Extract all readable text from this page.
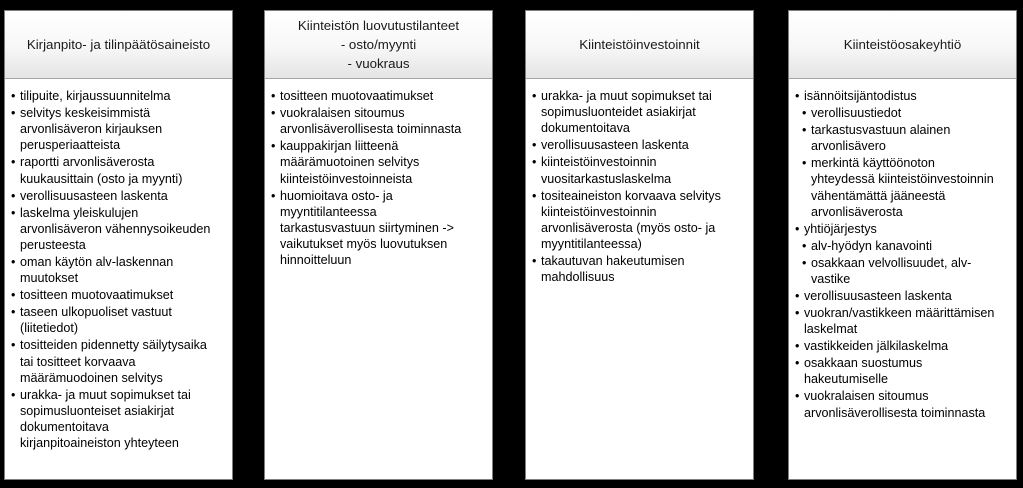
Kirjanpito- ja tilinpäätösaineisto
• tilipuite, kirjaussuunnitelma
• selvitys keskeisimmistä
arvonlisäveron kirjauksen
perusperiaatteista
• raportti arvonlisäverosta
kuukausittain (osto ja myynti)
• verollisuusasteen laskenta
• laskelma yleiskulujen
arvonlisäveron vähennysoikeuden
perusteesta
• oman käytön alv-laskennan
muutokset
• tositteen muotovaatimukset
• taseen ulkopuoliset vastuut
(liitetiedot)
• tositteiden pidennetty säilytysaika
tai tositteet korvaava
määrämuodoinen selvitys
• urakka- ja muut sopimukset tai
sopimusluonteiset asiakirjat
dokumentoitava
kirjanpitoaineiston yhteyteen
Kiinteistön luovutustilanteet
- osto/myynti
- vuokraus
• tositteen muotovaatimukset
• vuokralaisen sitoumus
arvonlisäverollisesta toiminnasta
• kauppakirjan liitteenä
määrämuotoinen selvitys
kiinteistöinvestoinneista
• huomioitava osto- ja
myyntitilanteessa
tarkastusvastuun siirtyminen ->
vaikutukset myös luovutuksen
hinnoitteluun
Kiinteistöinvestoinnit
• urakka- ja muut sopimukset tai
sopimusluonteidet asiakirjat
dokumentoitava
• verollisuusasteen laskenta
• kiinteistöinvestoinnin
vuositarkastuslaskelma
• tositeaineiston korvaava selvitys
kiinteistöinvestoinnin
arvonlisäverosta (myös osto- ja
myyntitilanteessa)
• takautuvan hakeutumisen
mahdollisuus
Kiinteistöosakeyhtiö
• isännöitsijäntodistus
• verollisuustiedot
• tarkastusvastuun alainen
arvonlisävero
• merkintä käyttöönoton
yhteydessä kiinteistöinvestoinnin
vähentämättä jääneestä
arvonlisäverosta
• yhtiöjärjestys
• alv-hyödyn kanavointi
• osakkaan velvollisuudet, alv-
vastike
• verollisuusasteen laskenta
• vuokran/vastikkeen määrittämisen
laskelmat
• vastikkeiden jälkilaskelma
• osakkaan suostumus
hakeutumiselle
• vuokralaisen sitoumus
arvonlisäverollisesta toiminnasta
